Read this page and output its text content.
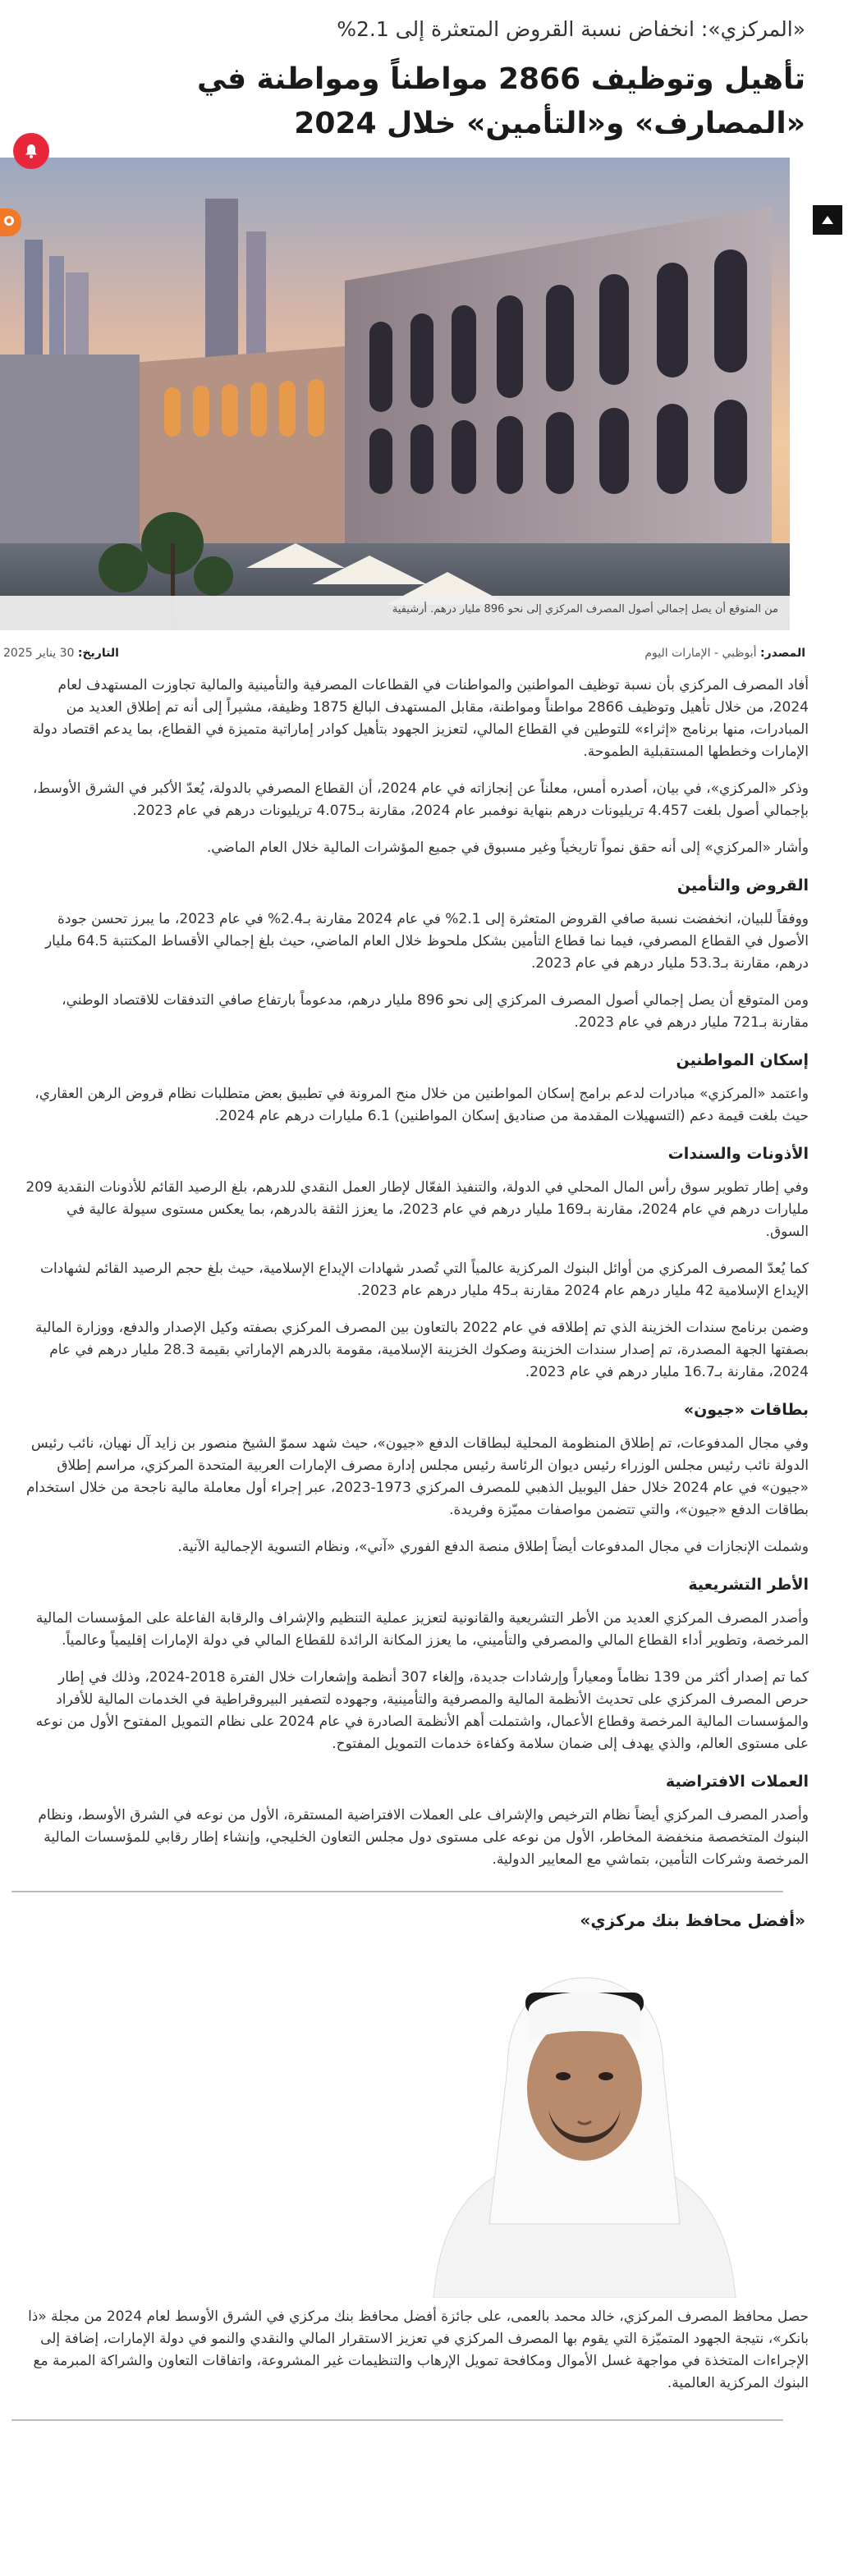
«المركزي»: انخفاض نسبة القروض المتعثرة إلى 2.1%
تأهيل وتوظيف 2866 مواطناً ومواطنة في «المصارف» و«التأمين» خلال 2024
من المتوقع أن يصل إجمالي أصول المصرف المركزي إلى نحو 896 مليار درهم. أرشيفية
المصدر: أبوظبي - الإمارات اليوم
التاريخ: 30 يناير 2025

أفاد المصرف المركزي بأن نسبة توظيف المواطنين والمواطنات في القطاعات المصرفية والتأمينية والمالية تجاوزت المستهدف لعام 2024، من خلال تأهيل وتوظيف 2866 مواطناً ومواطنة، مقابل المستهدف البالغ 1875 وظيفة، مشيراً إلى أنه تم إطلاق العديد من المبادرات، منها برنامج «إثراء» للتوطين في القطاع المالي، لتعزيز الجهود بتأهيل كوادر إماراتية متميزة في القطاع، بما يدعم اقتصاد دولة الإمارات وخططها المستقبلية الطموحة.

وذكر «المركزي»، في بيان، أصدره أمس، معلناً عن إنجازاته في عام 2024، أن القطاع المصرفي بالدولة، يُعدّ الأكبر في الشرق الأوسط، بإجمالي أصول بلغت 4.457 تريليونات درهم بنهاية نوفمبر عام 2024، مقارنة بـ4.075 تريليونات درهم في عام 2023.

وأشار «المركزي» إلى أنه حقق نمواً تاريخياً وغير مسبوق في جميع المؤشرات المالية خلال العام الماضي.

القروض والتأمين

ووفقاً للبيان، انخفضت نسبة صافي القروض المتعثرة إلى 2.1% في عام 2024 مقارنة بـ2.4% في عام 2023، ما يبرز تحسن جودة الأصول في القطاع المصرفي، فيما نما قطاع التأمين بشكل ملحوظ خلال العام الماضي، حيث بلغ إجمالي الأقساط المكتتبة 64.5 مليار درهم، مقارنة بـ53.3 مليار درهم في عام 2023.

ومن المتوقع أن يصل إجمالي أصول المصرف المركزي إلى نحو 896 مليار درهم، مدعوماً بارتفاع صافي التدفقات للاقتصاد الوطني، مقارنة بـ721 مليار درهم في عام 2023.

إسكان المواطنين

واعتمد «المركزي» مبادرات لدعم برامج إسكان المواطنين من خلال منح المرونة في تطبيق بعض متطلبات نظام قروض الرهن العقاري، حيث بلغت قيمة دعم (التسهيلات المقدمة من صناديق إسكان المواطنين) 6.1 مليارات درهم عام 2024.

الأذونات والسندات

وفي إطار تطوير سوق رأس المال المحلي في الدولة، والتنفيذ الفعّال لإطار العمل النقدي للدرهم، بلغ الرصيد القائم للأذونات النقدية 209 مليارات درهم في عام 2024، مقارنة بـ169 مليار درهم في عام 2023، ما يعزز الثقة بالدرهم، بما يعكس مستوى سيولة عالية في السوق.

كما يُعدّ المصرف المركزي من أوائل البنوك المركزية عالمياً التي تُصدر شهادات الإيداع الإسلامية، حيث بلغ حجم الرصيد القائم لشهادات الإيداع الإسلامية 42 مليار درهم عام 2024 مقارنة بـ45 مليار درهم عام 2023.

وضمن برنامج سندات الخزينة الذي تم إطلاقه في عام 2022 بالتعاون بين المصرف المركزي بصفته وكيل الإصدار والدفع، ووزارة المالية بصفتها الجهة المصدرة، تم إصدار سندات الخزينة وصكوك الخزينة الإسلامية، مقومة بالدرهم الإماراتي بقيمة 28.3 مليار درهم في عام 2024، مقارنة بـ16.7 مليار درهم في عام 2023.

بطاقات «جيون»

وفي مجال المدفوعات، تم إطلاق المنظومة المحلية لبطاقات الدفع «جيون»، حيث شهد سموّ الشيخ منصور بن زايد آل نهيان، نائب رئيس الدولة نائب رئيس مجلس الوزراء رئيس ديوان الرئاسة رئيس مجلس إدارة مصرف الإمارات العربية المتحدة المركزي، مراسم إطلاق «جيون» في عام 2024 خلال حفل اليوبيل الذهبي للمصرف المركزي 1973-2023، عبر إجراء أول معاملة مالية ناجحة من خلال استخدام بطاقات الدفع «جيون»، والتي تتضمن مواصفات مميّزة وفريدة.

وشملت الإنجازات في مجال المدفوعات أيضاً إطلاق منصة الدفع الفوري «آني»، ونظام التسوية الإجمالية الآنية.

الأطر التشريعية

وأصدر المصرف المركزي العديد من الأطر التشريعية والقانونية لتعزيز عملية التنظيم والإشراف والرقابة الفاعلة على المؤسسات المالية المرخصة، وتطوير أداء القطاع المالي والمصرفي والتأميني، ما يعزز المكانة الرائدة للقطاع المالي في دولة الإمارات إقليمياً وعالمياً.

كما تم إصدار أكثر من 139 نظاماً ومعياراً وإرشادات جديدة، وإلغاء 307 أنظمة وإشعارات خلال الفترة 2018-2024، وذلك في إطار حرص المصرف المركزي على تحديث الأنظمة المالية والمصرفية والتأمينية، وجهوده لتصفير البيروقراطية في الخدمات المالية للأفراد والمؤسسات المالية المرخصة وقطاع الأعمال، واشتملت أهم الأنظمة الصادرة في عام 2024 على نظام التمويل المفتوح الأول من نوعه على مستوى العالم، والذي يهدف إلى ضمان سلامة وكفاءة خدمات التمويل المفتوح.

العملات الافتراضية

وأصدر المصرف المركزي أيضاً نظام الترخيص والإشراف على العملات الافتراضية المستقرة، الأول من نوعه في الشرق الأوسط، ونظام البنوك المتخصصة منخفضة المخاطر، الأول من نوعه على مستوى دول مجلس التعاون الخليجي، وإنشاء إطار رقابي للمؤسسات المالية المرخصة وشركات التأمين، بتماشي مع المعايير الدولية.

«أفضل محافظ بنك مركزي»
حصل محافظ المصرف المركزي، خالد محمد بالعمى، على جائزة أفضل محافظ بنك مركزي في الشرق الأوسط لعام 2024 من مجلة «ذا بانكر»، نتيجة الجهود المتميّزة التي يقوم بها المصرف المركزي في تعزيز الاستقرار المالي والنقدي والنمو في دولة الإمارات، إضافة إلى الإجراءات المتخذة في مواجهة غسل الأموال ومكافحة تمويل الإرهاب والتنظيمات غير المشروعة، واتفاقات التعاون والشراكة المبرمة مع البنوك المركزية العالمية.
